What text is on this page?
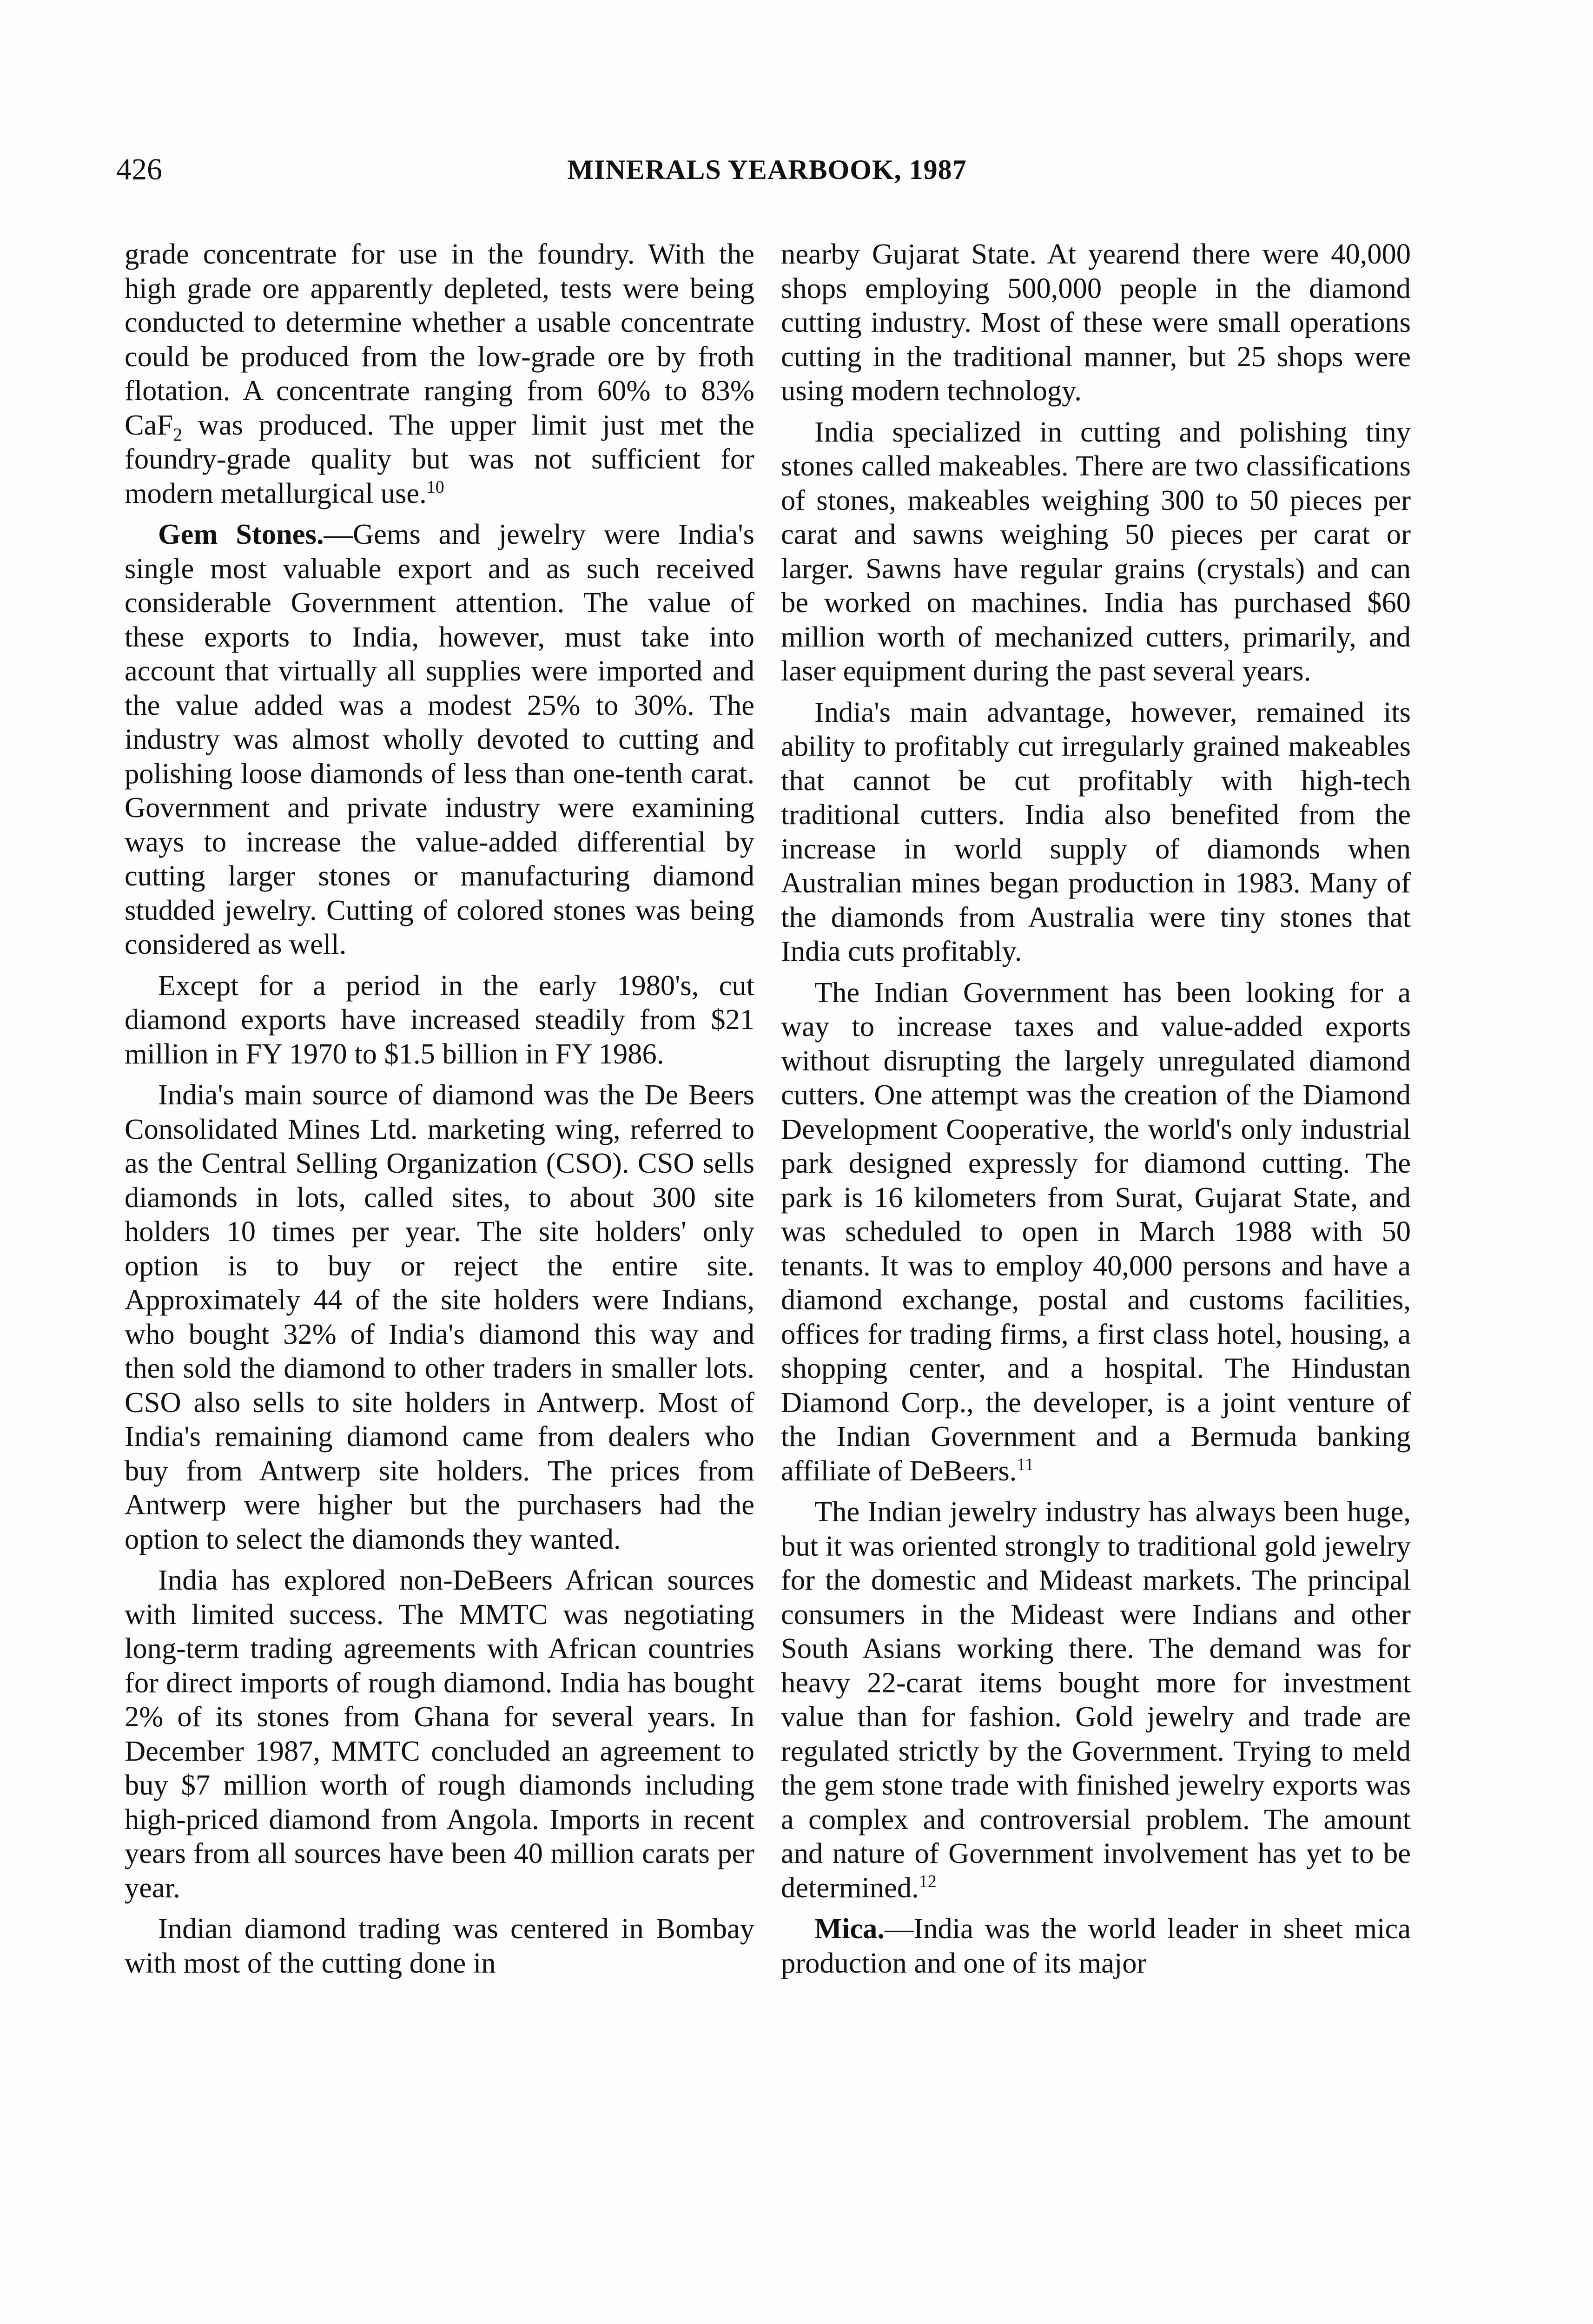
426	MINERALS YEARBOOK, 1987

grade concentrate for use in the foundry. With the high grade ore apparently depleted, tests were being conducted to determine whether a usable concentrate could be produced from the low-grade ore by froth flotation. A concentrate ranging from 60% to 83% CaF$_2$ was produced. The upper limit just met the foundry-grade quality but was not sufficient for modern metallurgical use.$^{10}$

Gem Stones.—Gems and jewelry were India's single most valuable export and as such received considerable Government attention. The value of these exports to India, however, must take into account that virtually all supplies were imported and the value added was a modest 25% to 30%. The industry was almost wholly devoted to cutting and polishing loose diamonds of less than one-tenth carat. Government and private industry were examining ways to increase the value-added differential by cutting larger stones or manufacturing diamond studded jewelry. Cutting of colored stones was being considered as well.

Except for a period in the early 1980's, cut diamond exports have increased steadily from $21 million in FY 1970 to $1.5 billion in FY 1986.

India's main source of diamond was the De Beers Consolidated Mines Ltd. marketing wing, referred to as the Central Selling Organization (CSO). CSO sells diamonds in lots, called sites, to about 300 site holders 10 times per year. The site holders' only option is to buy or reject the entire site. Approximately 44 of the site holders were Indians, who bought 32% of India's diamond this way and then sold the diamond to other traders in smaller lots. CSO also sells to site holders in Antwerp. Most of India's remaining diamond came from dealers who buy from Antwerp site holders. The prices from Antwerp were higher but the purchasers had the option to select the diamonds they wanted.

India has explored non-DeBeers African sources with limited success. The MMTC was negotiating long-term trading agreements with African countries for direct imports of rough diamond. India has bought 2% of its stones from Ghana for several years. In December 1987, MMTC concluded an agreement to buy $7 million worth of rough diamonds including high-priced diamond from Angola. Imports in recent years from all sources have been 40 million carats per year.

Indian diamond trading was centered in Bombay with most of the cutting done in

nearby Gujarat State. At yearend there were 40,000 shops employing 500,000 people in the diamond cutting industry. Most of these were small operations cutting in the traditional manner, but 25 shops were using modern technology.

India specialized in cutting and polishing tiny stones called makeables. There are two classifications of stones, makeables weighing 300 to 50 pieces per carat and sawns weighing 50 pieces per carat or larger. Sawns have regular grains (crystals) and can be worked on machines. India has purchased $60 million worth of mechanized cutters, primarily, and laser equipment during the past several years.

India's main advantage, however, remained its ability to profitably cut irregularly grained makeables that cannot be cut profitably with high-tech traditional cutters. India also benefited from the increase in world supply of diamonds when Australian mines began production in 1983. Many of the diamonds from Australia were tiny stones that India cuts profitably.

The Indian Government has been looking for a way to increase taxes and value-added exports without disrupting the largely unregulated diamond cutters. One attempt was the creation of the Diamond Development Cooperative, the world's only industrial park designed expressly for diamond cutting. The park is 16 kilometers from Surat, Gujarat State, and was scheduled to open in March 1988 with 50 tenants. It was to employ 40,000 persons and have a diamond exchange, postal and customs facilities, offices for trading firms, a first class hotel, housing, a shopping center, and a hospital. The Hindustan Diamond Corp., the developer, is a joint venture of the Indian Government and a Bermuda banking affiliate of DeBeers.$^{11}$

The Indian jewelry industry has always been huge, but it was oriented strongly to traditional gold jewelry for the domestic and Mideast markets. The principal consumers in the Mideast were Indians and other South Asians working there. The demand was for heavy 22-carat items bought more for investment value than for fashion. Gold jewelry and trade are regulated strictly by the Government. Trying to meld the gem stone trade with finished jewelry exports was a complex and controversial problem. The amount and nature of Government involvement has yet to be determined.$^{12}$

Mica.—India was the world leader in sheet mica production and one of its major
